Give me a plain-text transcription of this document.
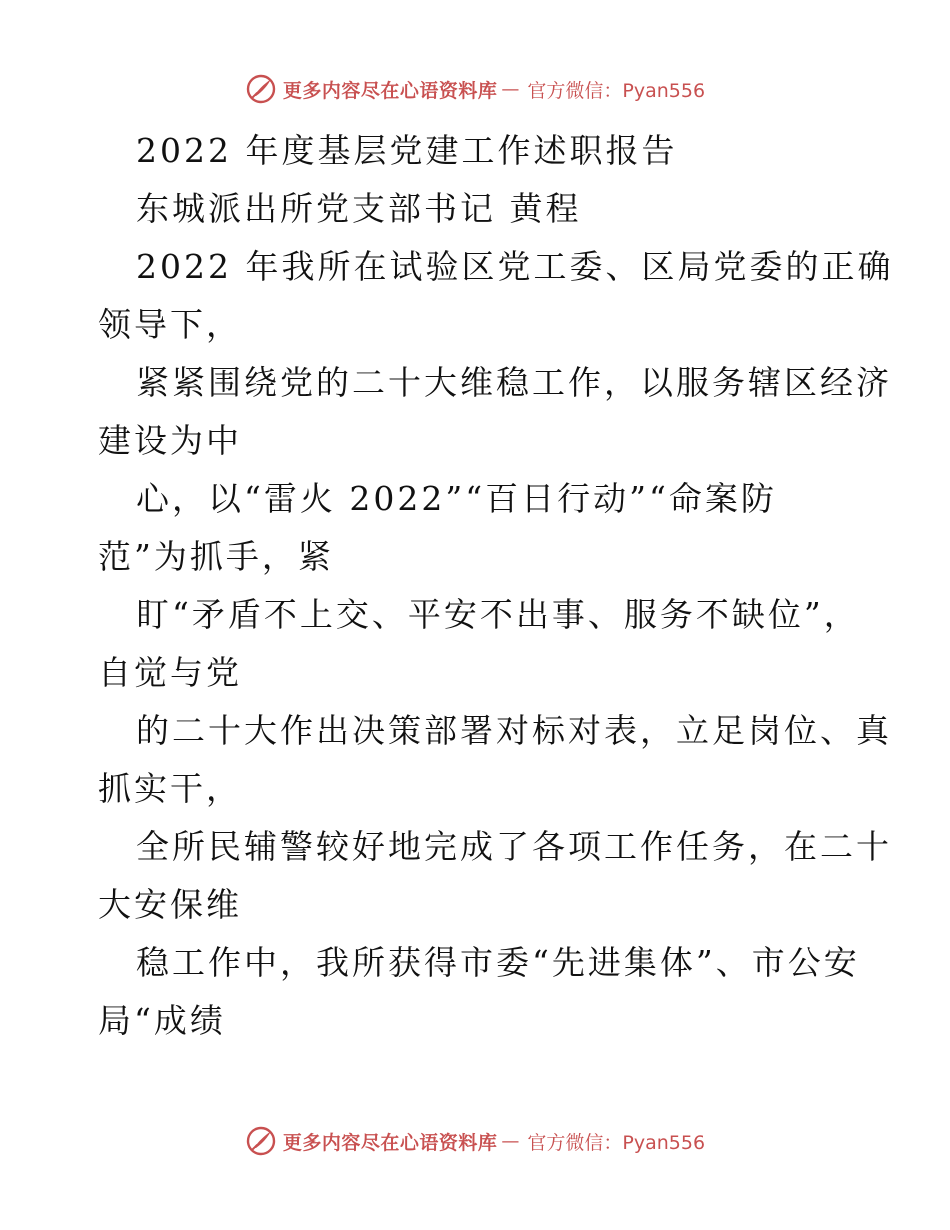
更多内容尽在心语资料库 — 官方微信：Pyan556
2022 年度基层党建工作述职报告
东城派出所党支部书记 黄程
2022 年我所在试验区党工委、区局党委的正确
领导下，
紧紧围绕党的二十大维稳工作，以服务辖区经济
建设为中
心，以“雷火 2022”“百日行动”“命案防
范”为抓手，紧
盯“矛盾不上交、平安不出事、服务不缺位”，
自觉与党
的二十大作出决策部署对标对表，立足岗位、真
抓实干，
全所民辅警较好地完成了各项工作任务，在二十
大安保维
稳工作中，我所获得市委“先进集体”、市公安
局“成绩
更多内容尽在心语资料库 — 官方微信：Pyan556
